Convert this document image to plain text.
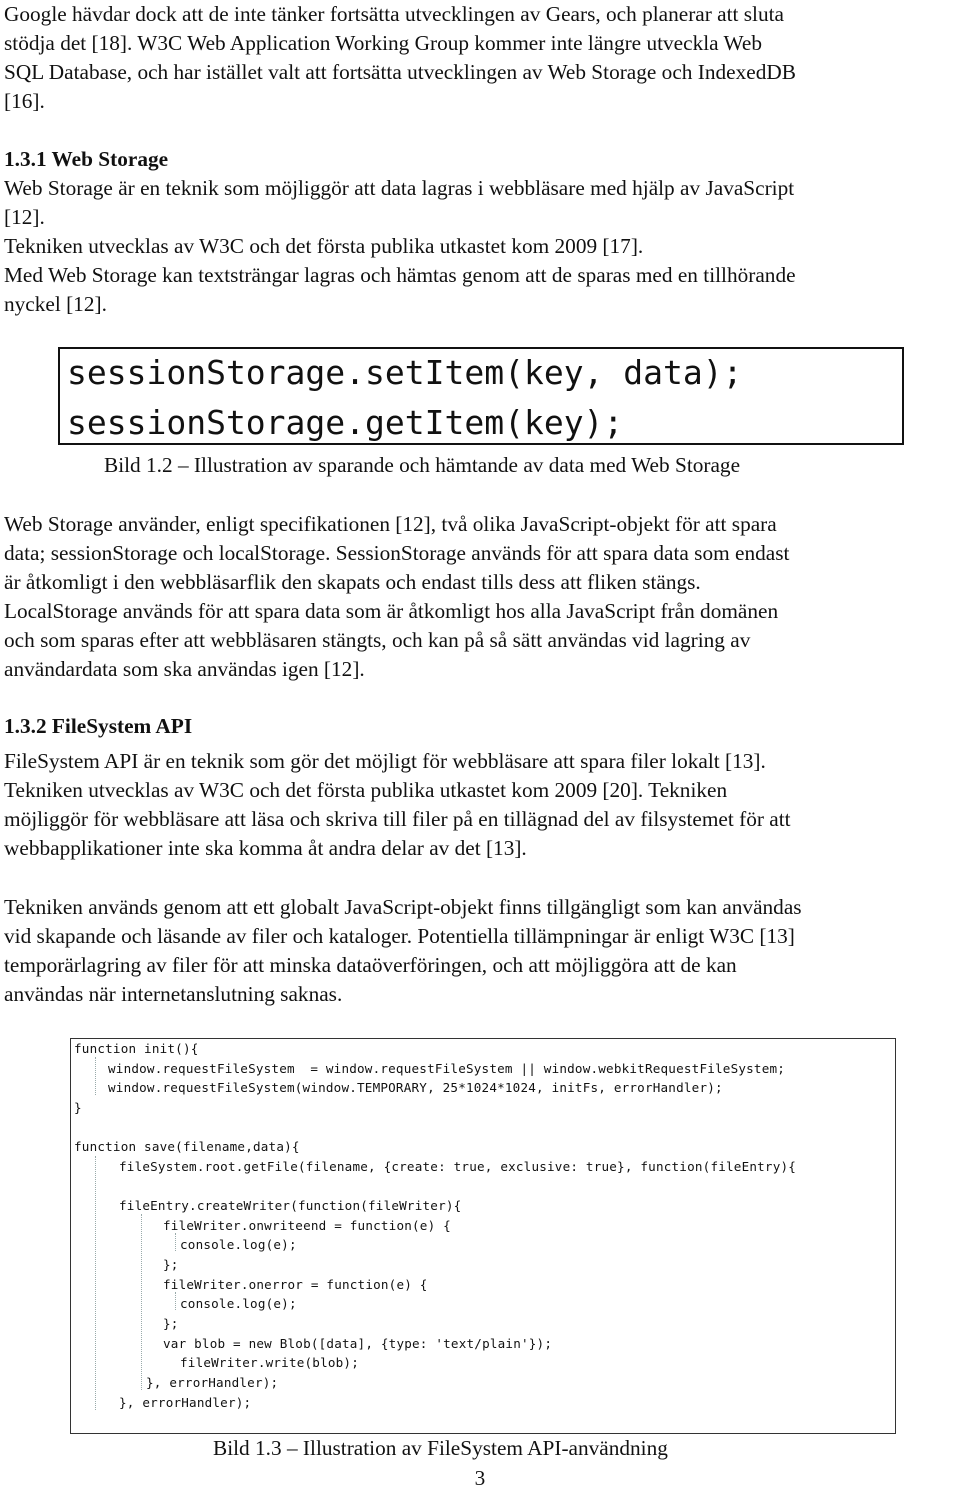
Google hävdar dock att de inte tänker fortsätta utvecklingen av Gears, och planerar att sluta
stödja det [18]. W3C Web Application Working Group kommer inte längre utveckla Web
SQL Database, och har istället valt att fortsätta utvecklingen av Web Storage och IndexedDB
[16].
1.3.1 Web Storage
Web Storage är en teknik som möjliggör att data lagras i webbläsare med hjälp av JavaScript
[12].
Tekniken utvecklas av W3C och det första publika utkastet kom 2009 [17].
Med Web Storage kan textsträngar lagras och hämtas genom att de sparas med en tillhörande
nyckel [12].
sessionStorage.setItem(key, data);
sessionStorage.getItem(key);
Bild 1.2 – Illustration av sparande och hämtande av data med Web Storage
Web Storage använder, enligt specifikationen [12], två olika JavaScript-objekt för att spara
data; sessionStorage och localStorage. SessionStorage används för att spara data som endast
är åtkomligt i den webbläsarflik den skapats och endast tills dess att fliken stängs.
LocalStorage används för att spara data som är åtkomligt hos alla JavaScript från domänen
och som sparas efter att webbläsaren stängts, och kan på så sätt användas vid lagring av
användardata som ska användas igen [12].
1.3.2 FileSystem API
FileSystem API är en teknik som gör det möjligt för webbläsare att spara filer lokalt [13].
Tekniken utvecklas av W3C och det första publika utkastet kom 2009 [20]. Tekniken
möjliggör för webbläsare att läsa och skriva till filer på en tillägnad del av filsystemet för att
webbapplikationer inte ska komma åt andra delar av det [13].
Tekniken används genom att ett globalt JavaScript-objekt finns tillgängligt som kan användas
vid skapande och läsande av filer och kataloger. Potentiella tillämpningar är enligt W3C [13]
temporärlagring av filer för att minska dataöverföringen, och att möjliggöra att de kan
användas när internetanslutning saknas.
function init(){
window.requestFileSystem  = window.requestFileSystem || window.webkitRequestFileSystem;
window.requestFileSystem(window.TEMPORARY, 25*1024*1024, initFs, errorHandler);
}
function save(filename,data){
fileSystem.root.getFile(filename, {create: true, exclusive: true}, function(fileEntry){
fileEntry.createWriter(function(fileWriter){
fileWriter.onwriteend = function(e) {
console.log(e);
};
fileWriter.onerror = function(e) {
console.log(e);
};
var blob = new Blob([data], {type: 'text/plain'});
fileWriter.write(blob);
}, errorHandler);
}, errorHandler);
Bild 1.3 – Illustration av FileSystem API-användning
3
